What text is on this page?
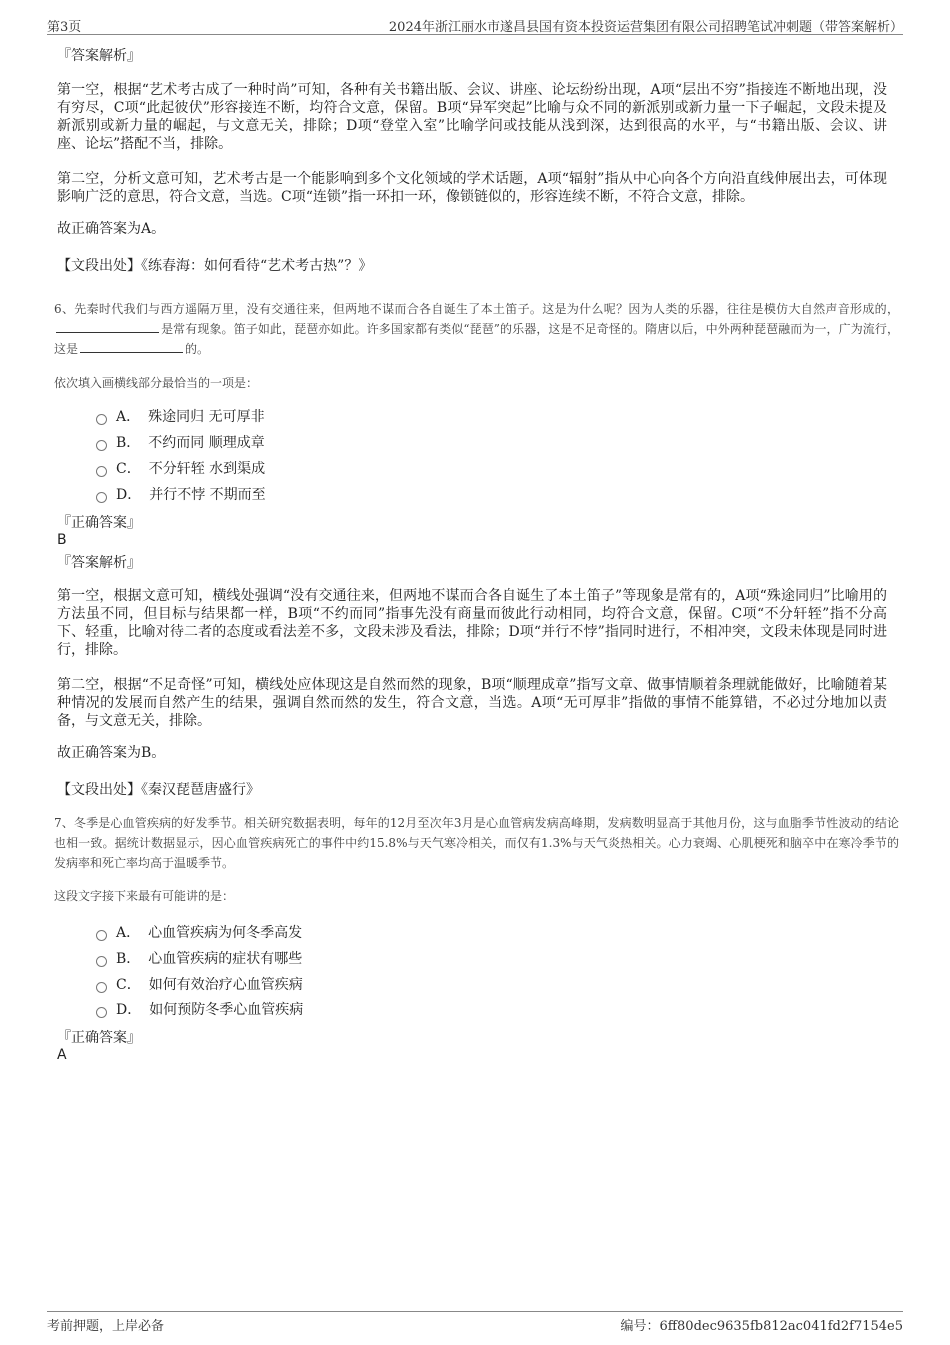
第3页	2024年浙江丽水市遂昌县国有资本投资运营集团有限公司招聘笔试冲刺题（带答案解析）
『答案解析』
第一空，根据“艺术考古成了一种时尚”可知，各种有关书籍出版、会议、讲座、论坛纷纷出现，A项“层出不穷”指接连不断地出现，没有穷尽，C项“此起彼伏”形容接连不断，均符合文意，保留。B项“异军突起”比喻与众不同的新派别或新力量一下子崛起，文段未提及新派别或新力量的崛起，与文意无关，排除；D项“登堂入室”比喻学问或技能从浅到深，达到很高的水平，与“书籍出版、会议、讲座、论坛”搭配不当，排除。
第二空，分析文意可知，艺术考古是一个能影响到多个文化领域的学术话题，A项“辐射”指从中心向各个方向沿直线伸展出去，可体现影响广泛的意思，符合文意，当选。C项“连锁”指一环扣一环，像锁链似的，形容连续不断，不符合文意，排除。
故正确答案为A。
【文段出处】《练春海：如何看待“艺术考古热”？》
6、先秦时代我们与西方遥隔万里，没有交通往来，但两地不谋而合各自诞生了本土笛子。这是为什么呢？因为人类的乐器，往往是模仿大自然声音形成的，是常有现象。笛子如此，琵琶亦如此。许多国家都有类似“琵琶”的乐器，这是不足奇怪的。隋唐以后，中外两种琵琶融而为一，广为流行，这是	的。
依次填入画横线部分最恰当的一项是：
A． 殊途同归 无可厚非
B． 不约而同 顺理成章
C． 不分轩轾 水到渠成
D． 并行不悖 不期而至
『正确答案』
B
『答案解析』
第一空，根据文意可知，横线处强调“没有交通往来，但两地不谋而合各自诞生了本土笛子”等现象是常有的，A项“殊途同归”比喻用的方法虽不同，但目标与结果都一样，B项“不约而同”指事先没有商量而彼此行动相同，均符合文意，保留。C项“不分轩轾”指不分高下、轻重，比喻对待二者的态度或看法差不多，文段未涉及看法，排除；D项“并行不悖”指同时进行，不相冲突，文段未体现是同时进行，排除。
第二空，根据“不足奇怪”可知，横线处应体现这是自然而然的现象，B项“顺理成章”指写文章、做事情顺着条理就能做好，比喻随着某种情况的发展而自然产生的结果，强调自然而然的发生，符合文意，当选。A项“无可厚非”指做的事情不能算错，不必过分地加以责备，与文意无关，排除。
故正确答案为B。
【文段出处】《秦汉琵琶唐盛行》
7、冬季是心血管疾病的好发季节。相关研究数据表明，每年的12月至次年3月是心血管病发病高峰期，发病数明显高于其他月份，这与血脂季节性波动的结论也相一致。据统计数据显示，因心血管疾病死亡的事件中约15.8%与天气寒冷相关，而仅有1.3%与天气炎热相关。心力衰竭、心肌梗死和脑卒中在寒冷季节的发病率和死亡率均高于温暖季节。
这段文字接下来最有可能讲的是：
A． 心血管疾病为何冬季高发
B． 心血管疾病的症状有哪些
C． 如何有效治疗心血管疾病
D． 如何预防冬季心血管疾病
『正确答案』
A
考前押题，上岸必备	编号：6ff80dec9635fb812ac041fd2f7154e5
